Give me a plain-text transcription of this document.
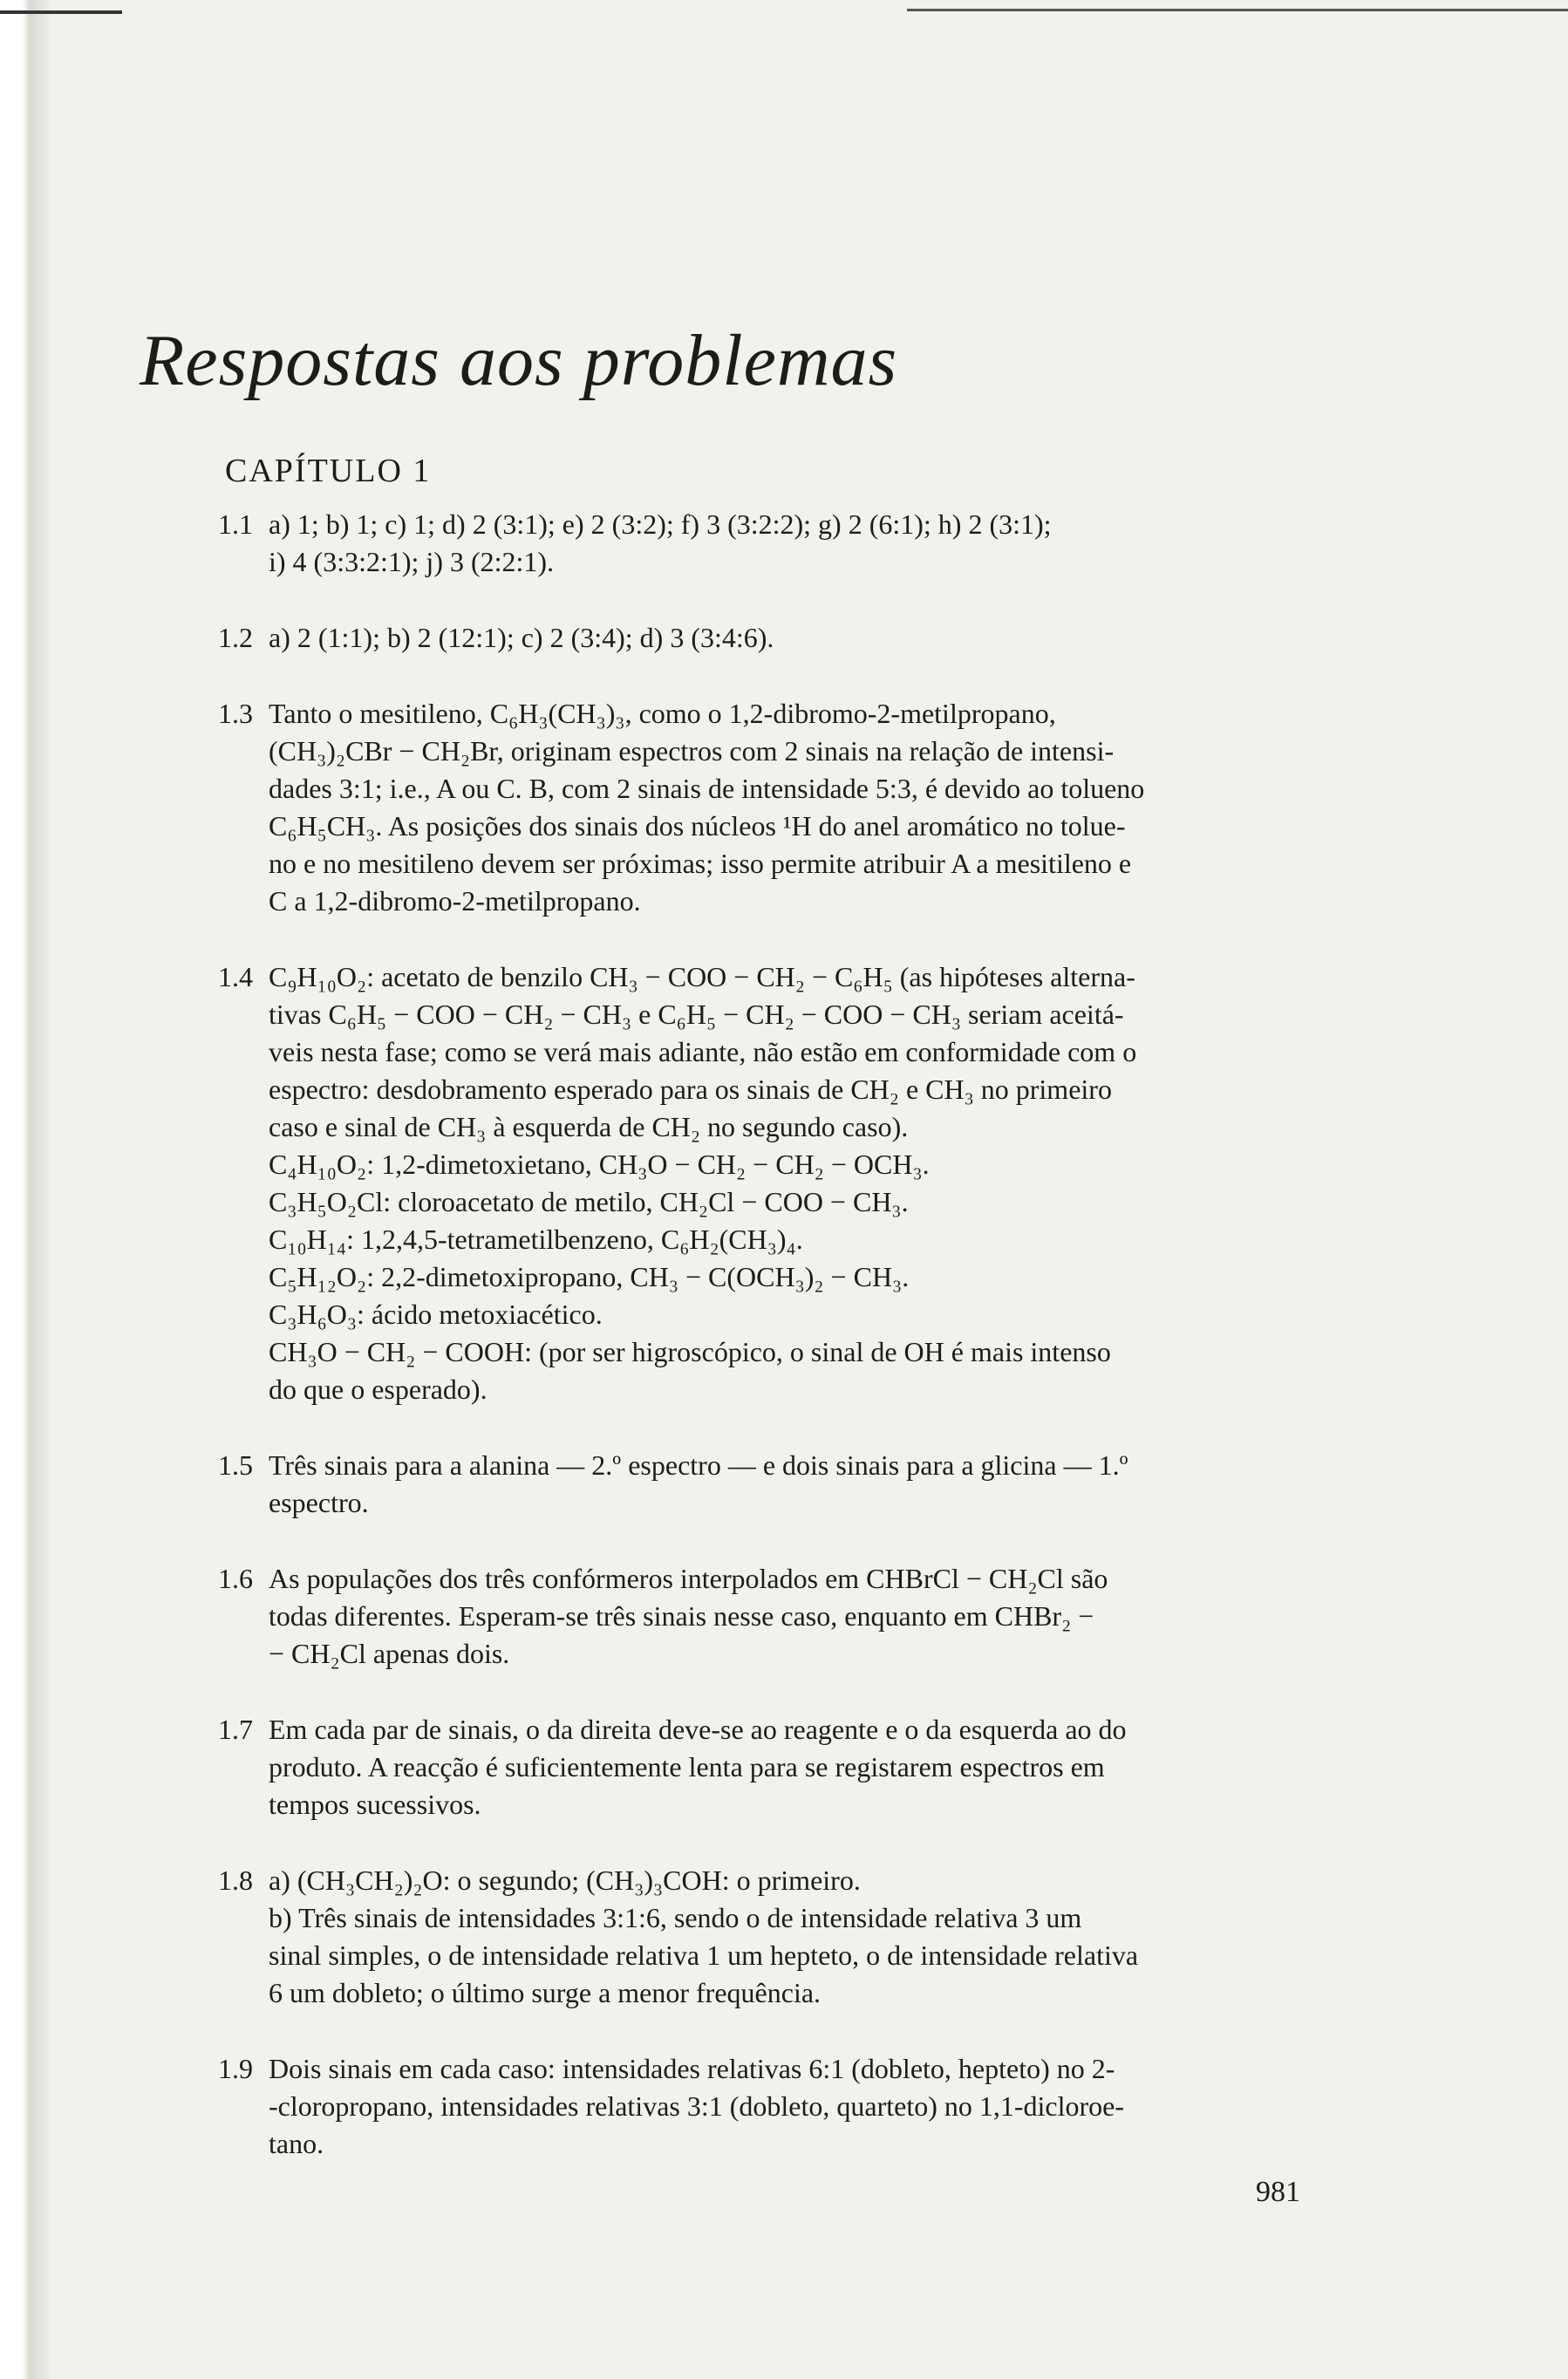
Respostas aos problemas
CAPÍTULO 1
1.1 a) 1; b) 1; c) 1; d) 2 (3:1); e) 2 (3:2); f) 3 (3:2:2); g) 2 (6:1); h) 2 (3:1);
i) 4 (3:3:2:1); j) 3 (2:2:1).
1.2 a) 2 (1:1); b) 2 (12:1); c) 2 (3:4); d) 3 (3:4:6).
1.3 Tanto o mesitileno, C₆H₃(CH₃)₃, como o 1,2-dibromo-2-metilpropano,
(CH₃)₂CBr − CH₂Br, originam espectros com 2 sinais na relação de intensi-
dades 3:1; i.e., A ou C. B, com 2 sinais de intensidade 5:3, é devido ao tolueno
C₆H₅CH₃. As posições dos sinais dos núcleos ¹H do anel aromático no tolue-
no e no mesitileno devem ser próximas; isso permite atribuir A a mesitileno e
C a 1,2-dibromo-2-metilpropano.
1.4 C₉H₁₀O₂: acetato de benzilo CH₃ − COO − CH₂ − C₆H₅ (as hipóteses alterna-
tivas C₆H₅ − COO − CH₂ − CH₃ e C₆H₅ − CH₂ − COO − CH₃ seriam aceitá-
veis nesta fase; como se verá mais adiante, não estão em conformidade com o
espectro: desdobramento esperado para os sinais de CH₂ e CH₃ no primeiro
caso e sinal de CH₃ à esquerda de CH₂ no segundo caso).
C₄H₁₀O₂: 1,2-dimetoxietano, CH₃O − CH₂ − CH₂ − OCH₃.
C₃H₅O₂Cl: cloroacetato de metilo, CH₂Cl − COO − CH₃.
C₁₀H₁₄: 1,2,4,5-tetrametilbenzeno, C₆H₂(CH₃)₄.
C₅H₁₂O₂: 2,2-dimetoxipropano, CH₃ − C(OCH₃)₂ − CH₃.
C₃H₆O₃: ácido metoxiacético.
CH₃O − CH₂ − COOH: (por ser higroscópico, o sinal de OH é mais intenso
do que o esperado).
1.5 Três sinais para a alanina — 2.º espectro — e dois sinais para a glicina — 1.º
espectro.
1.6 As populações dos três confórmeros interpolados em CHBrCl − CH₂Cl são
todas diferentes. Esperam-se três sinais nesse caso, enquanto em CHBr₂ −
− CH₂Cl apenas dois.
1.7 Em cada par de sinais, o da direita deve-se ao reagente e o da esquerda ao do
produto. A reacção é suficientemente lenta para se registarem espectros em
tempos sucessivos.
1.8 a) (CH₃CH₂)₂O: o segundo; (CH₃)₃COH: o primeiro.
b) Três sinais de intensidades 3:1:6, sendo o de intensidade relativa 3 um
sinal simples, o de intensidade relativa 1 um hepteto, o de intensidade relativa
6 um dobleto; o último surge a menor frequência.
1.9 Dois sinais em cada caso: intensidades relativas 6:1 (dobleto, hepteto) no 2-
-cloropropano, intensidades relativas 3:1 (dobleto, quarteto) no 1,1-dicloroe-
tano.
981
